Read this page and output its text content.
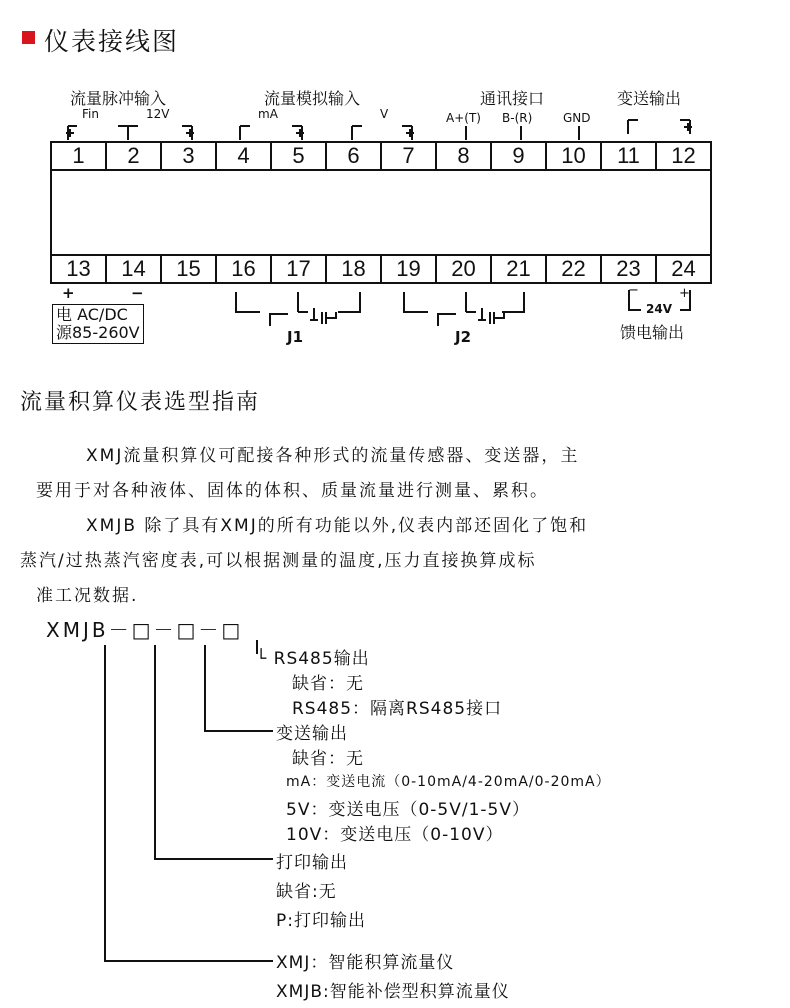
仪表接线图
流量脉冲输入	流量模拟输入	通讯接口	变送输出
Fin	12V	mA	V	A+(T) B-(R)	GND
1	2	3	4	5	6	7	8	9	10	11	12
13	14	15	16	17	18	19	20	21	22	23	24
+	−
电 AC/DC
源85-260V	J1	J2
24V
−	+
馈电输出
流量积算仪表选型指南
XMJ流量积算仪可配接各种形式的流量传感器、变送器，主
要用于对各种液体、固体的体积、质量流量进行测量、累积。
XMJB 除了具有XMJ的所有功能以外,仪表内部还固化了饱和
蒸汽/过热蒸汽密度表,可以根据测量的温度,压力直接换算成标
准工况数据.
XMJB－□－□－□
└ RS485输出
缺省：无
RS485：隔离RS485接口
变送输出
缺省：无
mA：变送电流（0-10mA/4-20mA/0-20mA）
5V：变送电压（0-5V/1-5V）
10V：变送电压（0-10V）
打印输出
缺省:无
P:打印输出
XMJ：智能积算流量仪
XMJB:智能补偿型积算流量仪
